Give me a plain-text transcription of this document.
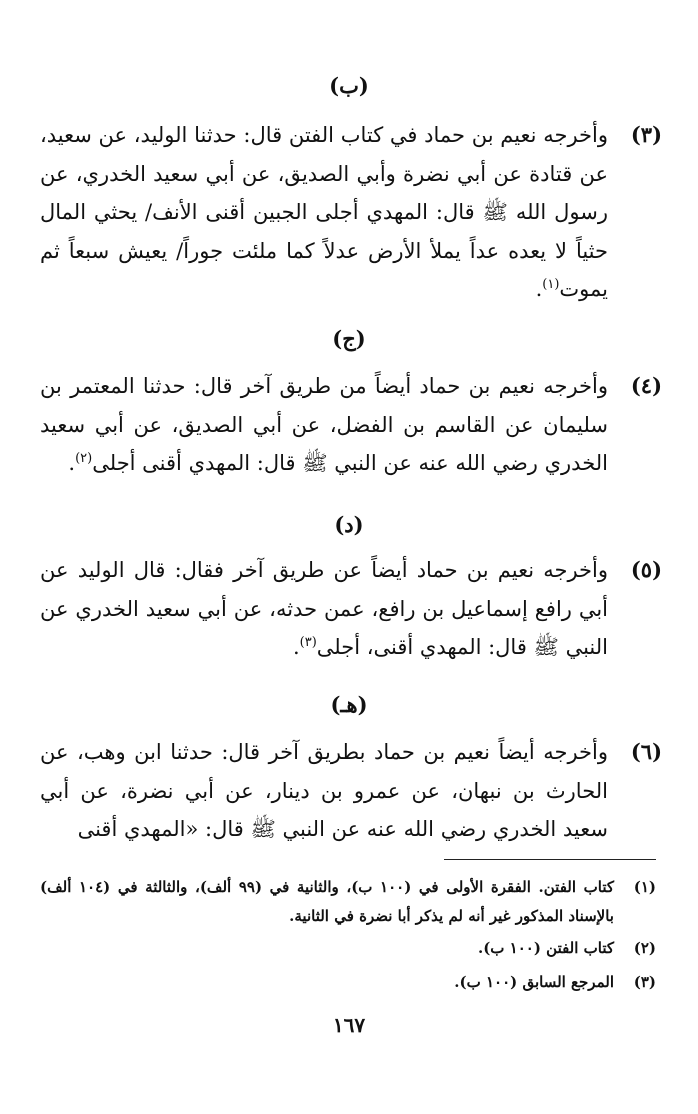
(ب)
(٣)
وأخرجه نعيم بن حماد في كتاب الفتن قال: حدثنا الوليد، عن سعيد، عن قتادة عن أبي نضرة وأبي الصديق، عن أبي سعيد الخدري، عن رسول الله ﷺ قال: المهدي أجلى الجبين أقنى الأنف/ يحثي المال حثياً لا يعده عداً يملأ الأرض عدلاً كما ملئت جوراً/ يعيش سبعاً ثم يموت$^{(١)}$.
(ج)
(٤)
وأخرجه نعيم بن حماد أيضاً من طريق آخر قال: حدثنا المعتمر بن سليمان عن القاسم بن الفضل، عن أبي الصديق، عن أبي سعيد الخدري رضي الله عنه عن النبي ﷺ قال: المهدي أقنى أجلى$^{(٢)}$.
(د)
(٥)
وأخرجه نعيم بن حماد أيضاً عن طريق آخر فقال: قال الوليد عن أبي رافع إسماعيل بن رافع، عمن حدثه، عن أبي سعيد الخدري عن النبي ﷺ قال: المهدي أقنى، أجلى$^{(٣)}$.
(هـ)
(٦)
وأخرجه أيضاً نعيم بن حماد بطريق آخر قال: حدثنا ابن وهب، عن الحارث بن نبهان، عن عمرو بن دينار، عن أبي نضرة، عن أبي سعيد الخدري رضي الله عنه عن النبي ﷺ قال: «المهدي أقنى
(١)
كتاب الفتن. الفقرة الأولى في (١٠٠ ب)، والثانية في (٩٩ ألف)، والثالثة في (١٠٤ ألف) بالإسناد المذكور غير أنه لم يذكر أبا نضرة في الثانية.
(٢)
كتاب الفتن (١٠٠ ب).
(٣)
المرجع السابق (١٠٠ ب).
١٦٧
